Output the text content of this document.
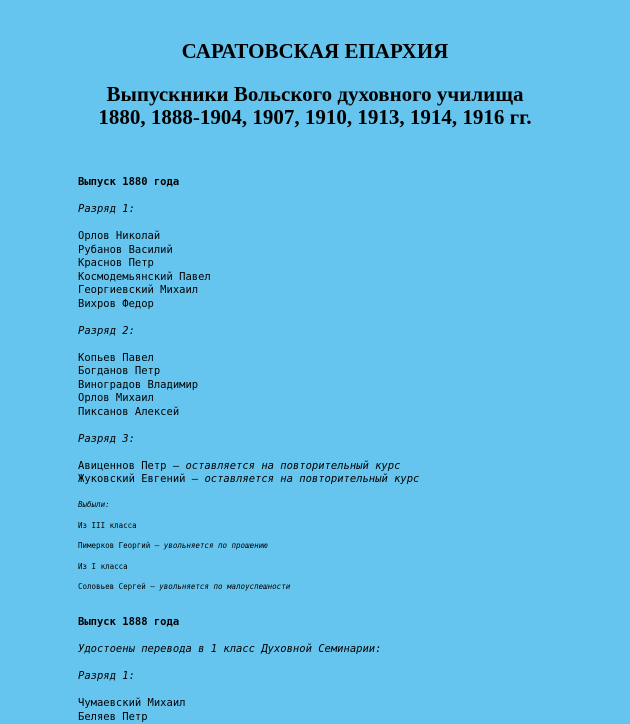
САРАТОВСКАЯ ЕПАРХИЯ
Выпускники Вольского духовного училища
1880, 1888-1904, 1907, 1910, 1913, 1914, 1916 гг.

Выпуск 1880 года

Разряд 1:

Орлов Николай

Рубанов Василий

Краснов Петр

Космодемьянский Павел

Георгиевский Михаил

Вихров Федор

Разряд 2:

Копьев Павел

Богданов Петр

Виноградов Владимир

Орлов Михаил

Пиксанов Алексей

Разряд 3:

Авиценнов Петр – оставляется на повторительный курс

Жуковский Евгений – оставляется на повторительный курс

Выбыли:

Из III класса

Пимерков Георгий – увольняется по прошению

Из I класса

Соловьев Сергей – увольняется по малоуспешности

Выпуск 1888 года

Удостоены перевода в 1 класс Духовной Семинарии:

Разряд 1:

Чумаевский Михаил

Беляев Петр
